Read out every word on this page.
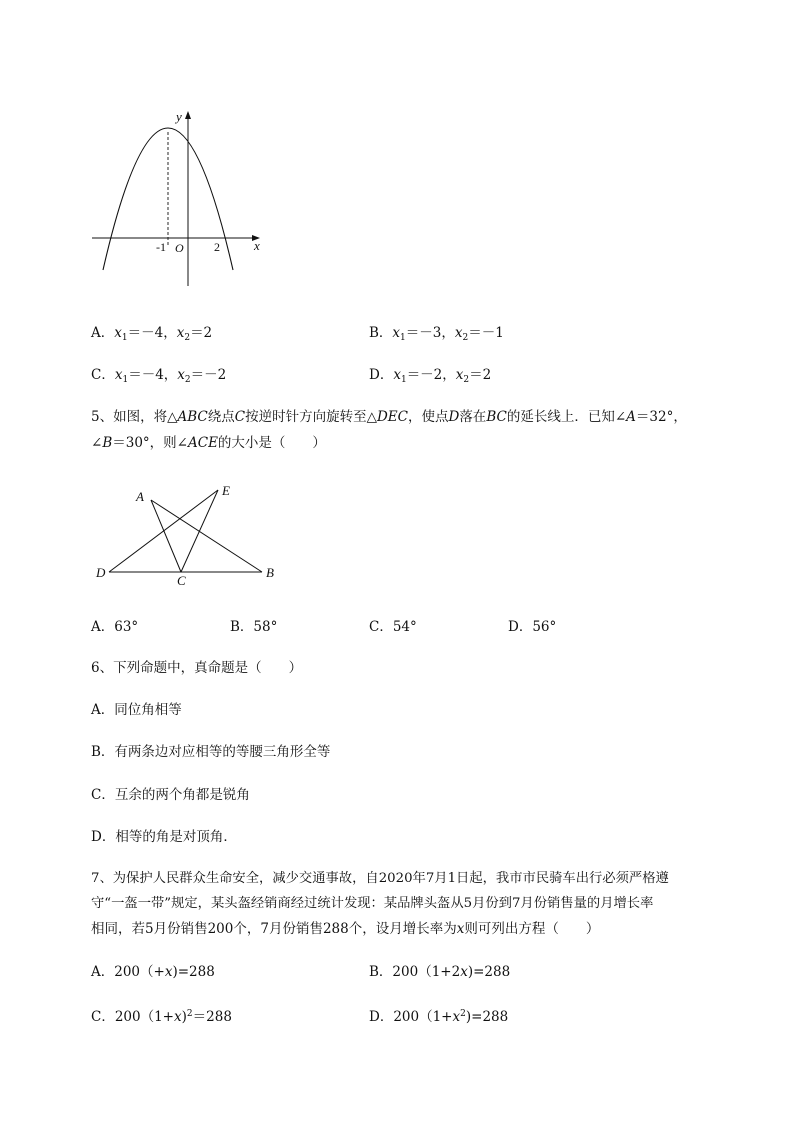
y
x
O
-1	2
A．$x_1=-4$，$x_2=2$	B．$x_1=-3$，$x_2=-1$
C．$x_1=-4$，$x_2=-2$	D．$x_1=-2$，$x_2=2$
5、如图，将△ABC绕点C按逆时针方向旋转至△DEC，使点D落在BC的延长线上．已知∠A＝32°，
∠B＝30°，则∠ACE的大小是（　　）
A	E
D
C
B
A．63°	B．58°	C．54°	D．56°
6、下列命题中，真命题是（　　）
A．同位角相等
B．有两条边对应相等的等腰三角形全等
C．互余的两个角都是锐角
D．相等的角是对顶角．
7、为保护人民群众生命安全，减少交通事故，自2020年7月1日起，我市市民骑车出行必须严格遵
守“一盔一带”规定，某头盔经销商经过统计发现：某品牌头盔从5月份到7月份销售量的月增长率
相同，若5月份销售200个，7月份销售288个，设月增长率为x则可列出方程（　　）
A．200（+x)=288	B．200（1+2x)=288
C．200（1+x)$^2$＝288	D．$200(1+x^2)=288$
